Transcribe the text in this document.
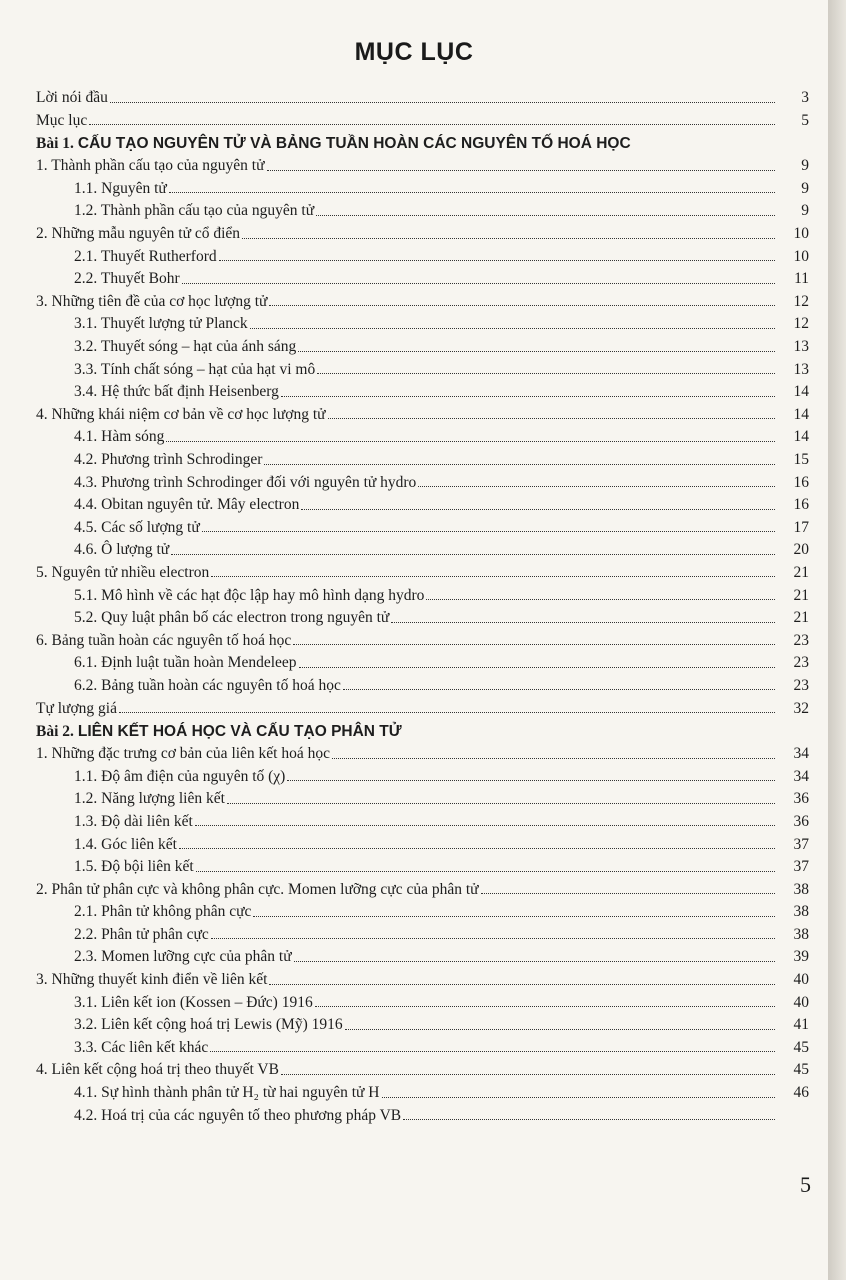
MỤC LỤC
Lời nói đầu	3
Mục lục	5
Bài 1. CẤU TẠO NGUYÊN TỬ VÀ BẢNG TUẦN HOÀN CÁC NGUYÊN TỐ HOÁ HỌC
1. Thành phần cấu tạo của nguyên tử	9
1.1. Nguyên tử	9
1.2. Thành phần cấu tạo của nguyên tử	9
2. Những mẫu nguyên tử cổ điển	10
2.1. Thuyết Rutherford	10
2.2. Thuyết Bohr	11
3. Những tiên đề của cơ học lượng tử	12
3.1. Thuyết lượng tử Planck	12
3.2. Thuyết sóng – hạt của ánh sáng	13
3.3. Tính chất sóng – hạt của hạt vi mô	13
3.4. Hệ thức bất định Heisenberg	14
4. Những khái niệm cơ bản về cơ học lượng tử	14
4.1. Hàm sóng	14
4.2. Phương trình Schrodinger	15
4.3. Phương trình Schrodinger đối với nguyên tử hydro	16
4.4. Obitan nguyên tử. Mây electron	16
4.5. Các số lượng tử	17
4.6. Ô lượng tử	20
5. Nguyên tử nhiều electron	21
5.1. Mô hình về các hạt độc lập hay mô hình dạng hydro	21
5.2. Quy luật phân bố các electron trong nguyên tử	21
6. Bảng tuần hoàn các nguyên tố hoá học	23
6.1. Định luật tuần hoàn Mendeleep	23
6.2. Bảng tuần hoàn các nguyên tố hoá học	23
Tự lượng giá	32
Bài 2. LIÊN KẾT HOÁ HỌC VÀ CẤU TẠO PHÂN TỬ
1. Những đặc trưng cơ bản của liên kết hoá học	34
1.1. Độ âm điện của nguyên tố (χ)	34
1.2. Năng lượng liên kết	36
1.3. Độ dài liên kết	36
1.4. Góc liên kết	37
1.5. Độ bội liên kết	37
2. Phân tử phân cực và không phân cực. Momen lưỡng cực của phân tử	38
2.1. Phân tử không phân cực	38
2.2. Phân tử phân cực	38
2.3. Momen lưỡng cực của phân tử	39
3. Những thuyết kinh điển về liên kết	40
3.1. Liên kết ion (Kossen – Đức) 1916	40
3.2. Liên kết cộng hoá trị Lewis (Mỹ) 1916	41
3.3. Các liên kết khác	45
4. Liên kết cộng hoá trị theo thuyết VB	45
4.1. Sự hình thành phân tử H₂ từ hai nguyên tử H	46
4.2. Hoá trị của các nguyên tố theo phương pháp VB
5
